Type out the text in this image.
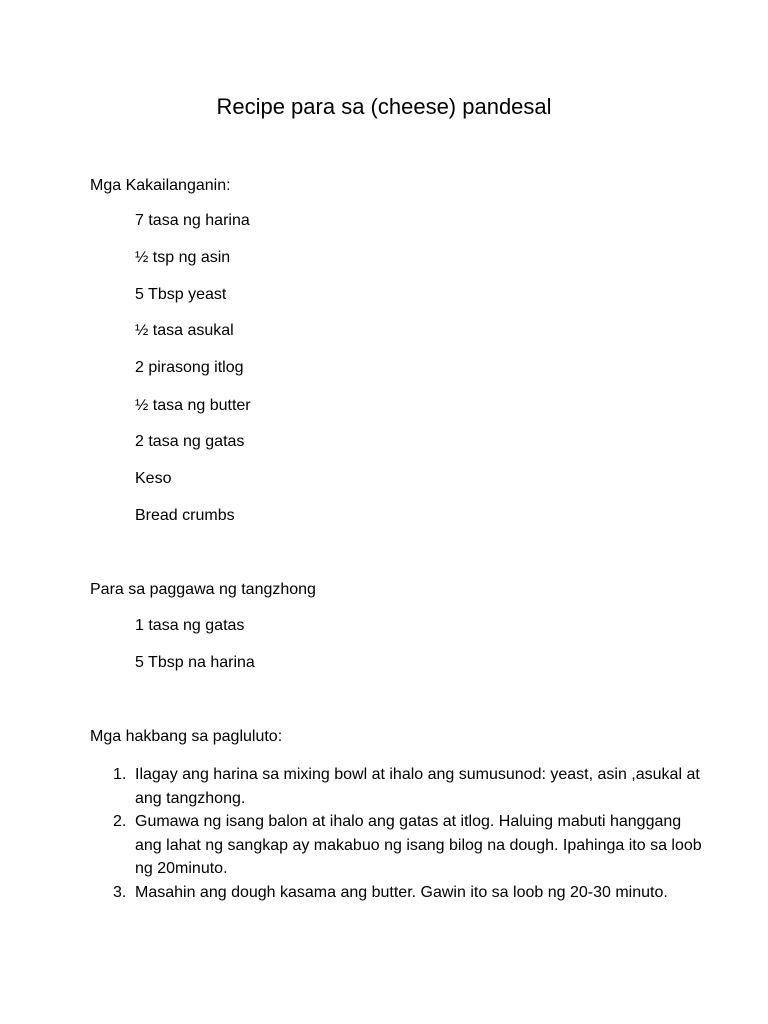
Recipe para sa (cheese) pandesal
Mga Kakailanganin:
7 tasa ng harina
½ tsp ng asin
5 Tbsp yeast
½ tasa asukal
2 pirasong itlog
½ tasa ng butter
2 tasa ng gatas
Keso
Bread crumbs
Para sa paggawa ng tangzhong
1 tasa ng gatas
5 Tbsp na harina
Mga hakbang sa pagluluto:
1. Ilagay ang harina sa mixing bowl at ihalo ang sumusunod: yeast, asin ,asukal at ang tangzhong.
2. Gumawa ng isang balon at ihalo ang gatas at itlog. Haluing mabuti hanggang ang lahat ng sangkap ay makabuo ng isang bilog na dough. Ipahinga ito sa loob ng 20minuto.
3. Masahin ang dough kasama ang butter. Gawin ito sa loob ng 20-30 minuto.
